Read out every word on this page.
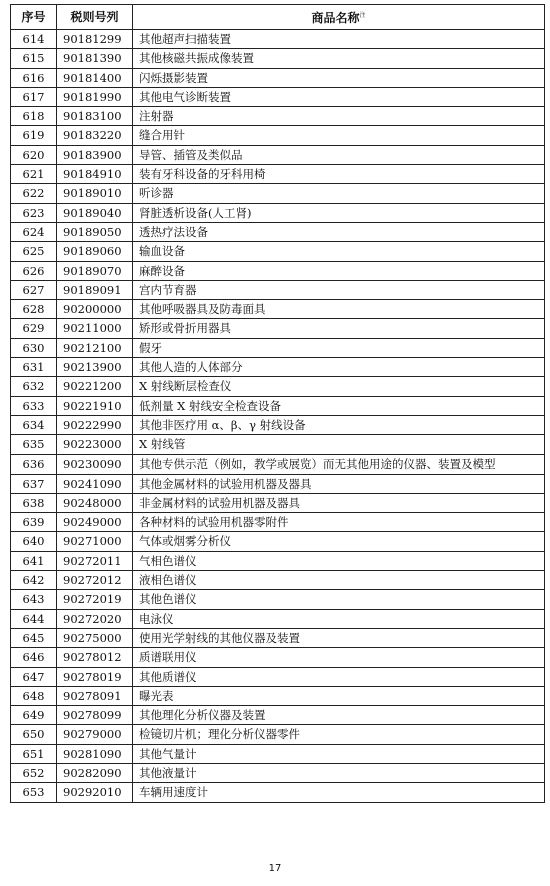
序号	税则号列	商品名称$^注$
614	90181299	其他超声扫描装置
615	90181390	其他核磁共振成像装置
616	90181400	闪烁摄影装置
617	90181990	其他电气诊断装置
618	90183100	注射器
619	90183220	缝合用针
620	90183900	导管、插管及类似品
621	90184910	装有牙科设备的牙科用椅
622	90189010	听诊器
623	90189040	肾脏透析设备(人工肾)
624	90189050	透热疗法设备
625	90189060	输血设备
626	90189070	麻醉设备
627	90189091	宫内节育器
628	90200000	其他呼吸器具及防毒面具
629	90211000	矫形或骨折用器具
630	90212100	假牙
631	90213900	其他人造的人体部分
632	90221200	X 射线断层检查仪
633	90221910	低剂量 X 射线安全检查设备
634	90222990	其他非医疗用 α、β、γ 射线设备
635	90223000	X 射线管
636	90230090	其他专供示范（例如，教学或展览）而无其他用途的仪器、装置及模型
637	90241090	其他金属材料的试验用机器及器具
638	90248000	非金属材料的试验用机器及器具
639	90249000	各种材料的试验用机器零附件
640	90271000	气体或烟雾分析仪
641	90272011	气相色谱仪
642	90272012	液相色谱仪
643	90272019	其他色谱仪
644	90272020	电泳仪
645	90275000	使用光学射线的其他仪器及装置
646	90278012	质谱联用仪
647	90278019	其他质谱仪
648	90278091	曝光表
649	90278099	其他理化分析仪器及装置
650	90279000	检镜切片机；理化分析仪器零件
651	90281090	其他气量计
652	90282090	其他液量计
653	90292010	车辆用速度计
17
